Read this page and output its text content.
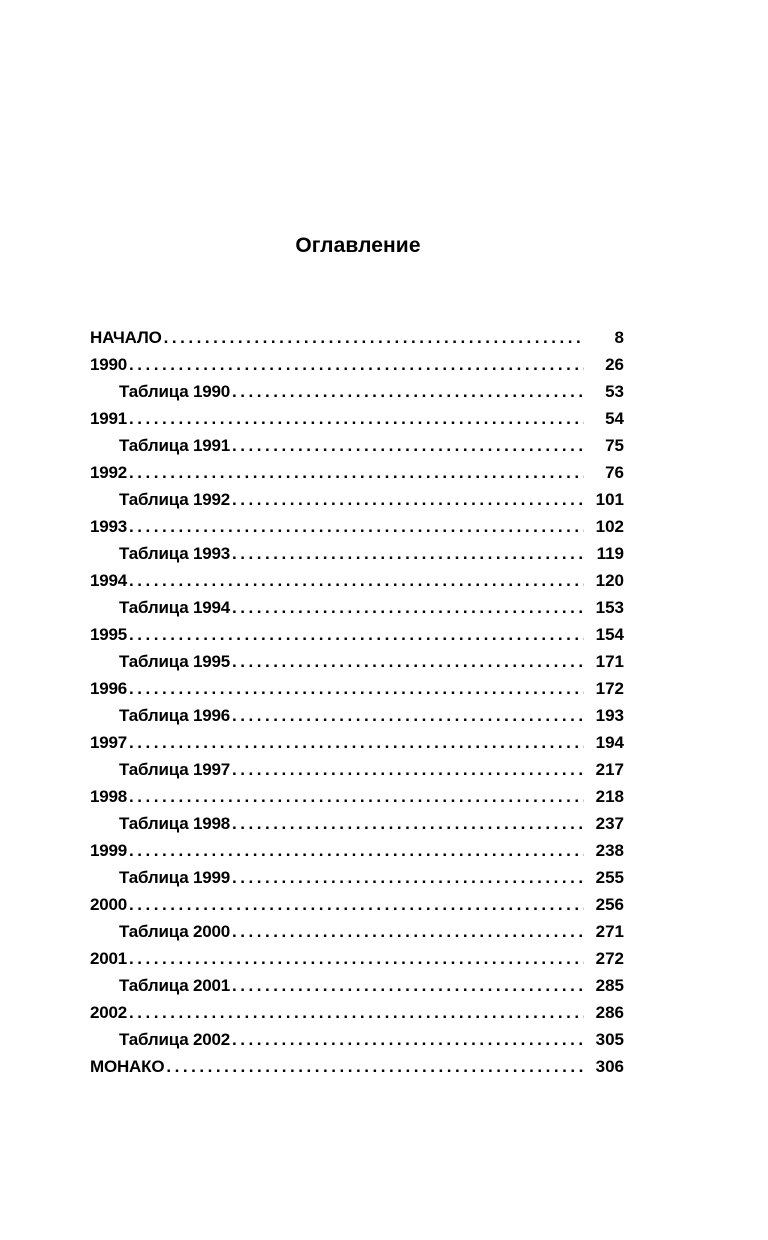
Оглавление
НАЧАЛО . . .	8
1990 . . .	26
Таблица 1990 . . .	53
1991 . . .	54
Таблица 1991 . . .	75
1992 . . .	76
Таблица 1992 . . .	101
1993 . . .	102
Таблица 1993 . . .	119
1994 . . .	120
Таблица 1994 . . .	153
1995 . . .	154
Таблица 1995 . . .	171
1996 . . .	172
Таблица 1996 . . .	193
1997 . . .	194
Таблица 1997 . . .	217
1998 . . .	218
Таблица 1998 . . .	237
1999 . . .	238
Таблица 1999 . . .	255
2000 . . .	256
Таблица 2000 . . .	271
2001 . . .	272
Таблица 2001 . . .	285
2002 . . .	286
Таблица 2002 . . .	305
МОНАКО . . .	306
